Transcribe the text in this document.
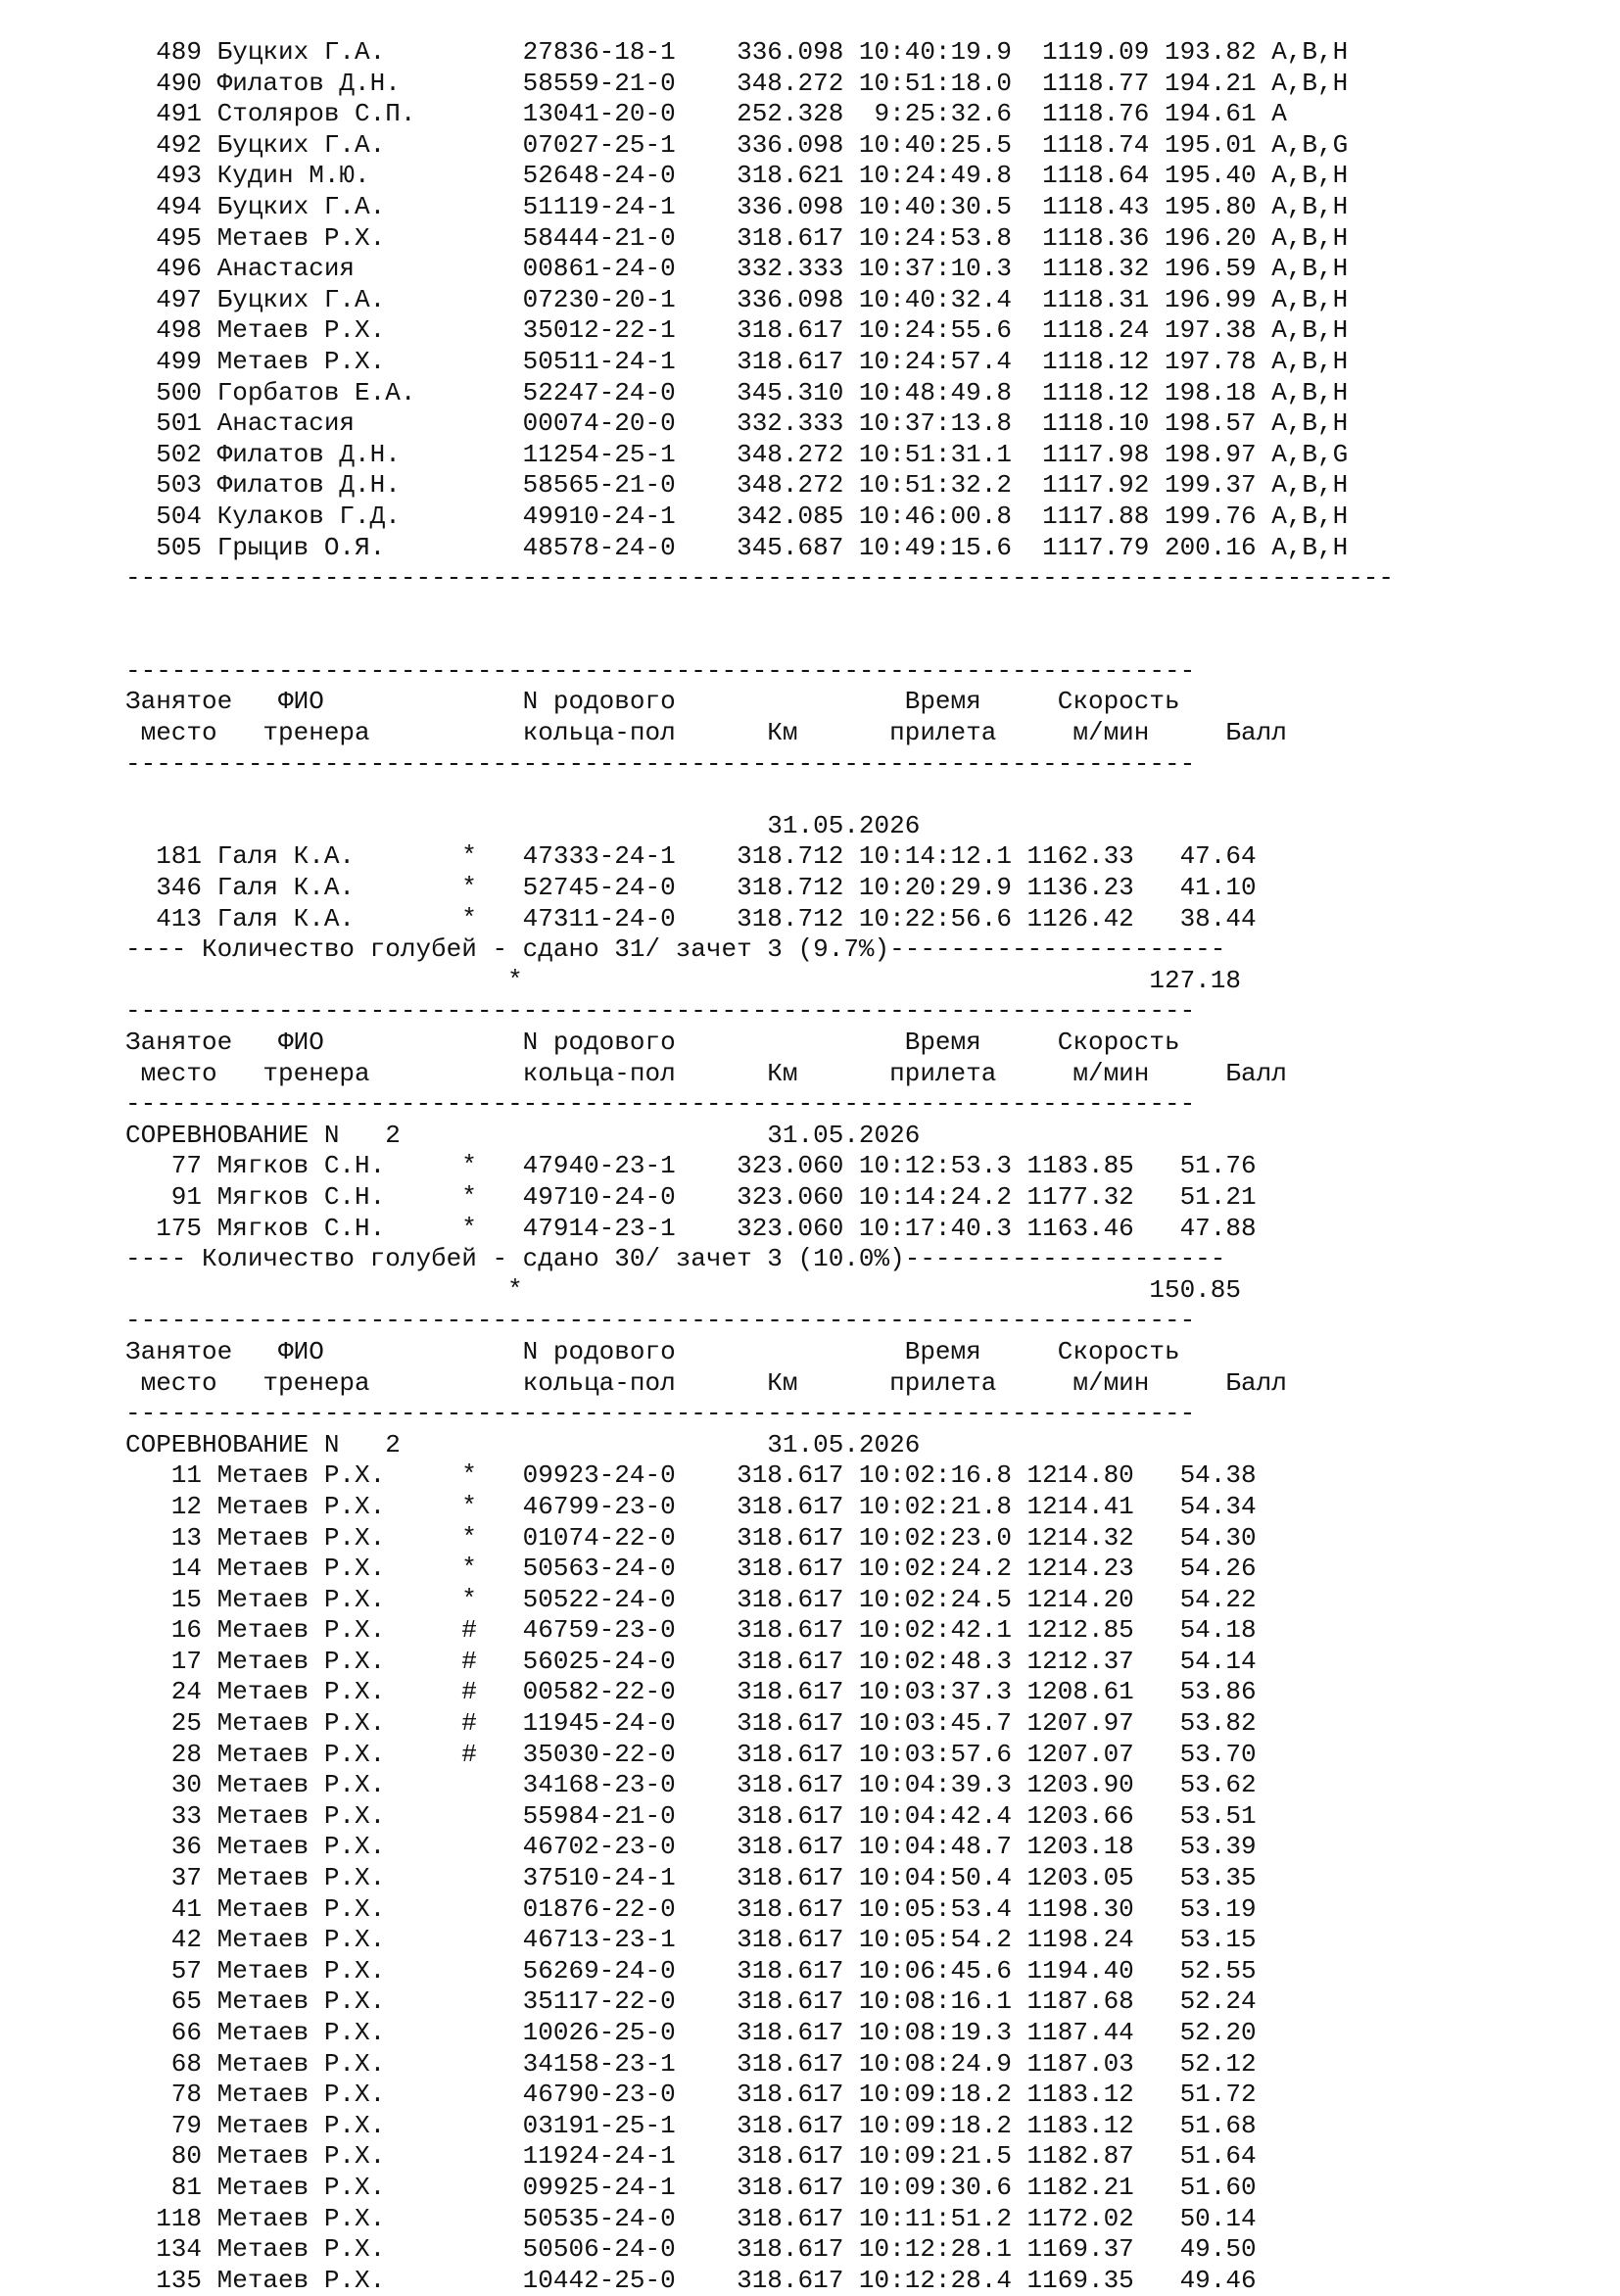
489 Буцких Г.А.         27836-18-1    336.098 10:40:19.9  1119.09 193.82 A,B,H
490 Филатов Д.Н.        58559-21-0    348.272 10:51:18.0  1118.77 194.21 A,B,H
491 Столяров С.П.       13041-20-0    252.328  9:25:32.6  1118.76 194.61 A
492 Буцких Г.А.         07027-25-1    336.098 10:40:25.5  1118.74 195.01 A,B,G
493 Кудин М.Ю.          52648-24-0    318.621 10:24:49.8  1118.64 195.40 A,B,H
494 Буцких Г.А.         51119-24-1    336.098 10:40:30.5  1118.43 195.80 A,B,H
495 Метаев Р.Х.         58444-21-0    318.617 10:24:53.8  1118.36 196.20 A,B,H
496 Анастасия           00861-24-0    332.333 10:37:10.3  1118.32 196.59 A,B,H
497 Буцких Г.А.         07230-20-1    336.098 10:40:32.4  1118.31 196.99 A,B,H
498 Метаев Р.Х.         35012-22-1    318.617 10:24:55.6  1118.24 197.38 A,B,H
499 Метаев Р.Х.         50511-24-1    318.617 10:24:57.4  1118.12 197.78 A,B,H
500 Горбатов Е.А.       52247-24-0    345.310 10:48:49.8  1118.12 198.18 A,B,H
501 Анастасия           00074-20-0    332.333 10:37:13.8  1118.10 198.57 A,B,H
502 Филатов Д.Н.        11254-25-1    348.272 10:51:31.1  1117.98 198.97 A,B,G
503 Филатов Д.Н.        58565-21-0    348.272 10:51:32.2  1117.92 199.37 A,B,H
504 Кулаков Г.Д.        49910-24-1    342.085 10:46:00.8  1117.88 199.76 A,B,H
505 Грыцив О.Я.         48578-24-0    345.687 10:49:15.6  1117.79 200.16 A,B,H
-----------------------------------------------------------------------------------
----------------------------------------------------------------------
Занятое   ФИО             N родового               Время     Скорость
место   тренера          кольца-пол      Км      прилета     м/мин     Балл
----------------------------------------------------------------------
31.05.2026
181 Галя К.А.       *   47333-24-1    318.712 10:14:12.1 1162.33   47.64
346 Галя К.А.       *   52745-24-0    318.712 10:20:29.9 1136.23   41.10
413 Галя К.А.       *   47311-24-0    318.712 10:22:56.6 1126.42   38.44
---- Количество голубей - сдано 31/ зачет 3 (9.7%)----------------------
*                                         127.18
----------------------------------------------------------------------
Занятое   ФИО             N родового               Время     Скорость
место   тренера          кольца-пол      Км      прилета     м/мин     Балл
----------------------------------------------------------------------
СОРЕВНОВАНИЕ N   2                        31.05.2026
77 Мягков С.Н.     *   47940-23-1    323.060 10:12:53.3 1183.85   51.76
91 Мягков С.Н.     *   49710-24-0    323.060 10:14:24.2 1177.32   51.21
175 Мягков С.Н.     *   47914-23-1    323.060 10:17:40.3 1163.46   47.88
---- Количество голубей - сдано 30/ зачет 3 (10.0%)---------------------
*                                         150.85
----------------------------------------------------------------------
Занятое   ФИО             N родового               Время     Скорость
место   тренера          кольца-пол      Км      прилета     м/мин     Балл
----------------------------------------------------------------------
СОРЕВНОВАНИЕ N   2                        31.05.2026
11 Метаев Р.Х.     *   09923-24-0    318.617 10:02:16.8 1214.80   54.38
12 Метаев Р.Х.     *   46799-23-0    318.617 10:02:21.8 1214.41   54.34
13 Метаев Р.Х.     *   01074-22-0    318.617 10:02:23.0 1214.32   54.30
14 Метаев Р.Х.     *   50563-24-0    318.617 10:02:24.2 1214.23   54.26
15 Метаев Р.Х.     *   50522-24-0    318.617 10:02:24.5 1214.20   54.22
16 Метаев Р.Х.     #   46759-23-0    318.617 10:02:42.1 1212.85   54.18
17 Метаев Р.Х.     #   56025-24-0    318.617 10:02:48.3 1212.37   54.14
24 Метаев Р.Х.     #   00582-22-0    318.617 10:03:37.3 1208.61   53.86
25 Метаев Р.Х.     #   11945-24-0    318.617 10:03:45.7 1207.97   53.82
28 Метаев Р.Х.     #   35030-22-0    318.617 10:03:57.6 1207.07   53.70
30 Метаев Р.Х.         34168-23-0    318.617 10:04:39.3 1203.90   53.62
33 Метаев Р.Х.         55984-21-0    318.617 10:04:42.4 1203.66   53.51
36 Метаев Р.Х.         46702-23-0    318.617 10:04:48.7 1203.18   53.39
37 Метаев Р.Х.         37510-24-1    318.617 10:04:50.4 1203.05   53.35
41 Метаев Р.Х.         01876-22-0    318.617 10:05:53.4 1198.30   53.19
42 Метаев Р.Х.         46713-23-1    318.617 10:05:54.2 1198.24   53.15
57 Метаев Р.Х.         56269-24-0    318.617 10:06:45.6 1194.40   52.55
65 Метаев Р.Х.         35117-22-0    318.617 10:08:16.1 1187.68   52.24
66 Метаев Р.Х.         10026-25-0    318.617 10:08:19.3 1187.44   52.20
68 Метаев Р.Х.         34158-23-1    318.617 10:08:24.9 1187.03   52.12
78 Метаев Р.Х.         46790-23-0    318.617 10:09:18.2 1183.12   51.72
79 Метаев Р.Х.         03191-25-1    318.617 10:09:18.2 1183.12   51.68
80 Метаев Р.Х.         11924-24-1    318.617 10:09:21.5 1182.87   51.64
81 Метаев Р.Х.         09925-24-1    318.617 10:09:30.6 1182.21   51.60
118 Метаев Р.Х.         50535-24-0    318.617 10:11:51.2 1172.02   50.14
134 Метаев Р.Х.         50506-24-0    318.617 10:12:28.1 1169.37   49.50
135 Метаев Р.Х.         10442-25-0    318.617 10:12:28.4 1169.35   49.46
